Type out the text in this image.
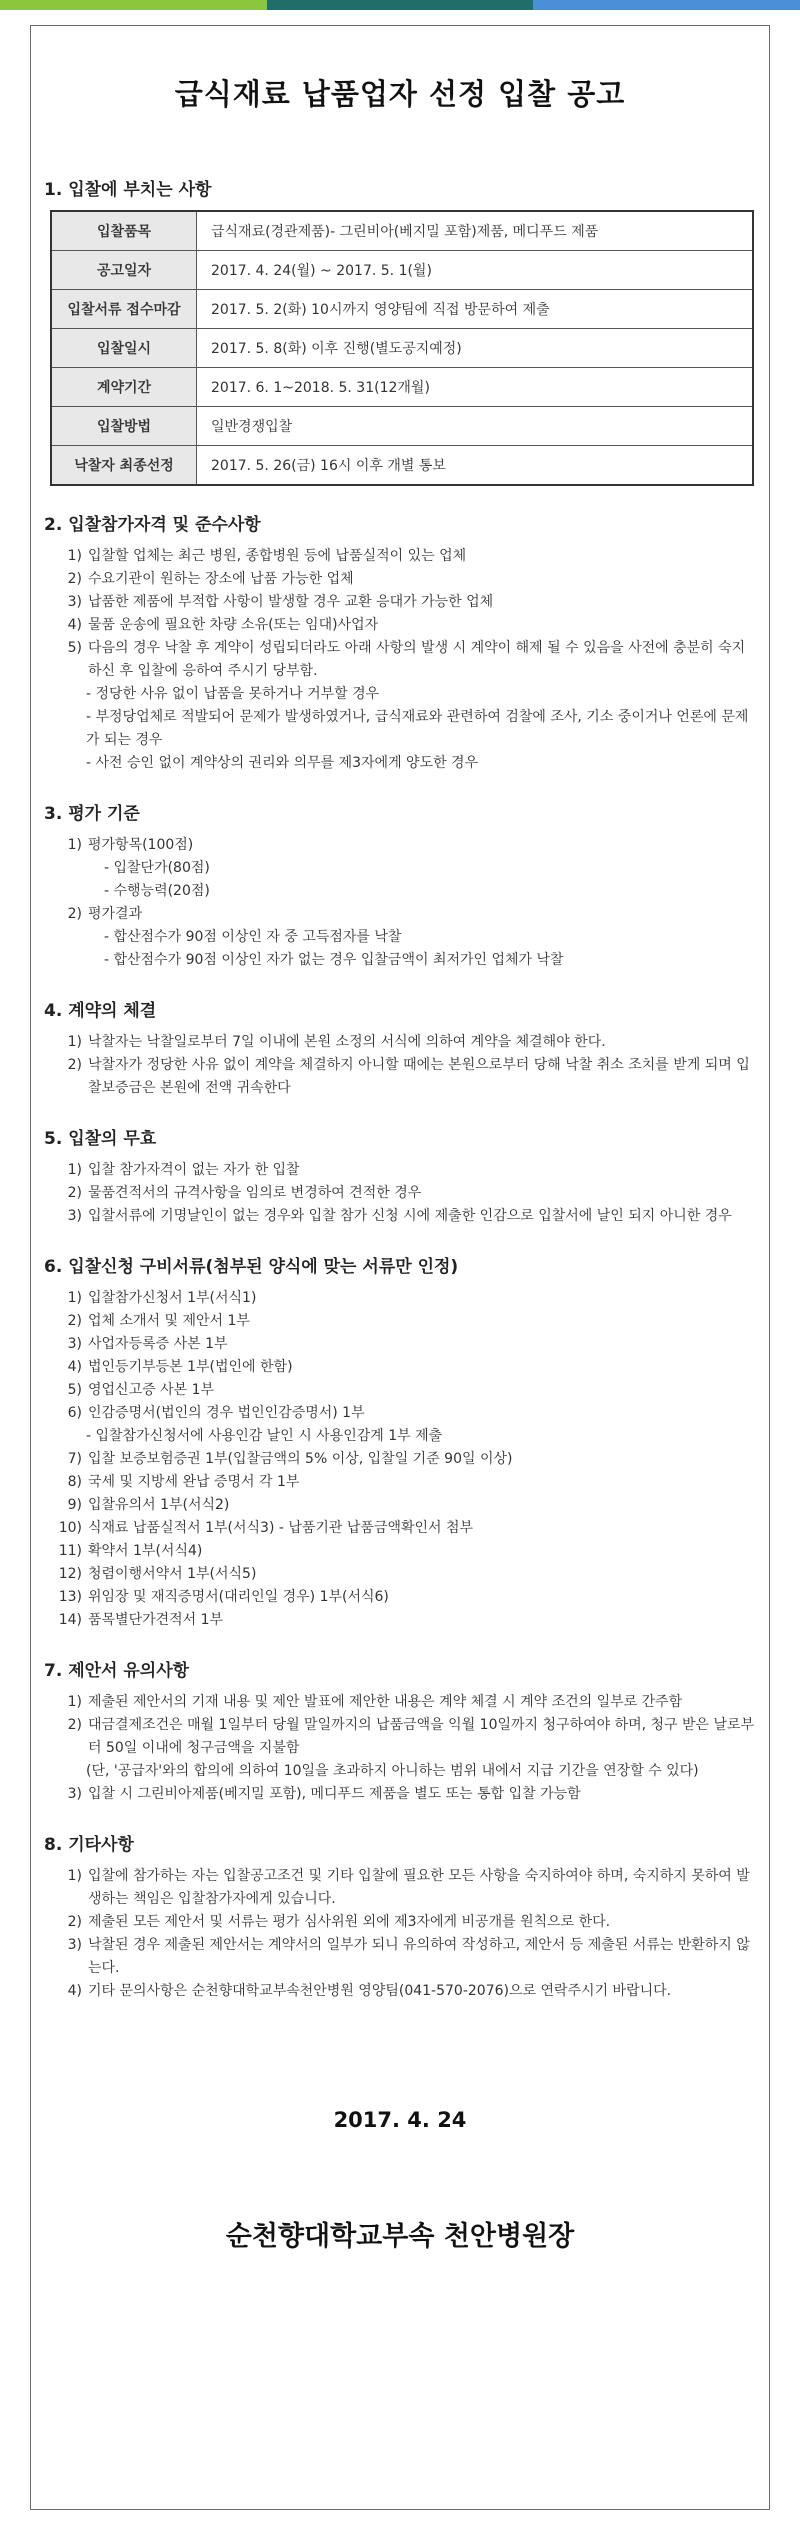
급식재료 납품업자 선정 입찰 공고
1. 입찰에 부치는 사항
입찰품목	급식재료(경관제품)- 그린비아(베지밀 포함)제품, 메디푸드 제품
공고일자	2017. 4. 24(월) ~ 2017. 5. 1(월)
입찰서류 접수마감	2017. 5. 2(화) 10시까지 영양팀에 직접 방문하여 제출
입찰일시	2017. 5. 8(화) 이후 진행(별도공지예정)
계약기간	2017. 6. 1~2018. 5. 31(12개월)
입찰방법	일반경쟁입찰
낙찰자 최종선정	2017. 5. 26(금) 16시 이후 개별 통보
2. 입찰참가자격 및 준수사항
1) 입찰할 업체는 최근 병원, 종합병원 등에 납품실적이 있는 업체
2) 수요기관이 원하는 장소에 납품 가능한 업체
3) 납품한 제품에 부적합 사항이 발생할 경우 교환 응대가 가능한 업체
4) 물품 운송에 필요한 차량 소유(또는 임대)사업자
5) 다음의 경우 낙찰 후 계약이 성립되더라도 아래 사항의 발생 시 계약이 해제 될 수 있음을 사전에 충분히 숙지하신 후 입찰에 응하여 주시기 당부함.
- 정당한 사유 없이 납품을 못하거나 거부할 경우
- 부정당업체로 적발되어 문제가 발생하였거나, 급식재료와 관련하여 검찰에 조사, 기소 중이거나 언론에 문제가 되는 경우
- 사전 승인 없이 계약상의 권리와 의무를 제3자에게 양도한 경우
3. 평가 기준
1) 평가항목(100점)
- 입찰단가(80점)
- 수행능력(20점)
2) 평가결과
- 합산점수가 90점 이상인 자 중 고득점자를 낙찰
- 합산점수가 90점 이상인 자가 없는 경우 입찰금액이 최저가인 업체가 낙찰
4. 계약의 체결
1) 낙찰자는 낙찰일로부터 7일 이내에 본원 소정의 서식에 의하여 계약을 체결해야 한다.
2) 낙찰자가 정당한 사유 없이 계약을 체결하지 아니할 때에는 본원으로부터 당해 낙찰 취소 조치를 받게 되며 입찰보증금은 본원에 전액 귀속한다
5. 입찰의 무효
1) 입찰 참가자격이 없는 자가 한 입찰
2) 물품견적서의 규격사항을 임의로 변경하여 견적한 경우
3) 입찰서류에 기명날인이 없는 경우와 입찰 참가 신청 시에 제출한 인감으로 입찰서에 날인 되지 아니한 경우
6. 입찰신청 구비서류(첨부된 양식에 맞는 서류만 인정)
1) 입찰참가신청서 1부(서식1)
2) 업체 소개서 및 제안서 1부
3) 사업자등록증 사본 1부
4) 법인등기부등본 1부(법인에 한함)
5) 영업신고증 사본 1부
6) 인감증명서(법인의 경우 법인인감증명서) 1부
- 입찰참가신청서에 사용인감 날인 시 사용인감계 1부 제출
7) 입찰 보증보험증권 1부(입찰금액의 5% 이상, 입찰일 기준 90일 이상)
8) 국세 및 지방세 완납 증명서 각 1부
9) 입찰유의서 1부(서식2)
10) 식재료 납품실적서 1부(서식3) - 납품기관 납품금액확인서 첨부
11) 확약서 1부(서식4)
12) 청렴이행서약서 1부(서식5)
13) 위임장 및 재직증명서(대리인일 경우) 1부(서식6)
14) 품목별단가견적서 1부
7. 제안서 유의사항
1) 제출된 제안서의 기재 내용 및 제안 발표에 제안한 내용은 계약 체결 시 계약 조건의 일부로 간주함
2) 대금결제조건은 매월 1일부터 당월 말일까지의 납품금액을 익월 10일까지 청구하여야 하며, 청구 받은 날로부터 50일 이내에 청구금액을 지불함
(단, '공급자'와의 합의에 의하여 10일을 초과하지 아니하는 범위 내에서 지급 기간을 연장할 수 있다)
3) 입찰 시 그린비아제품(베지밀 포함), 메디푸드 제품을 별도 또는 통합 입찰 가능함
8. 기타사항
1) 입찰에 참가하는 자는 입찰공고조건 및 기타 입찰에 필요한 모든 사항을 숙지하여야 하며, 숙지하지 못하여 발생하는 책임은 입찰참가자에게 있습니다.
2) 제출된 모든 제안서 및 서류는 평가 심사위원 외에 제3자에게 비공개를 원칙으로 한다.
3) 낙찰된 경우 제출된 제안서는 계약서의 일부가 되니 유의하여 작성하고, 제안서 등 제출된 서류는 반환하지 않는다.
4) 기타 문의사항은 순천향대학교부속천안병원 영양팀(041-570-2076)으로 연락주시기 바랍니다.
2017. 4. 24
순천향대학교부속 천안병원장
